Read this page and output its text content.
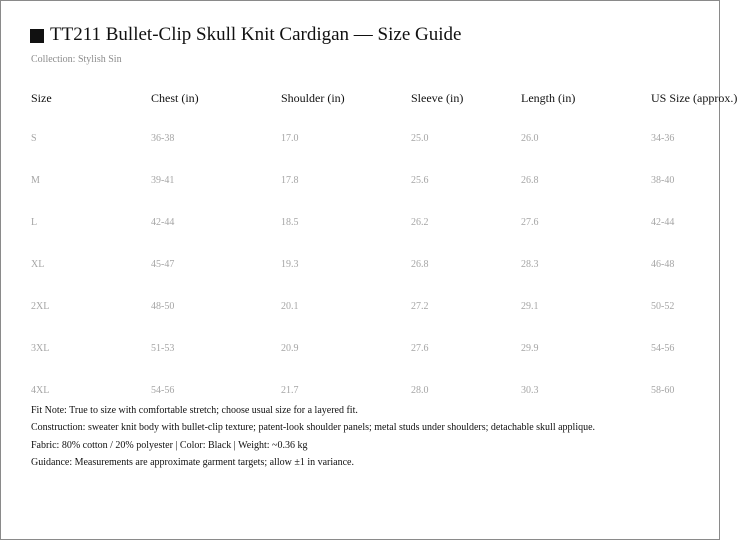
TT211 Bullet-Clip Skull Knit Cardigan — Size Guide
Collection: Stylish Sin
Size	Chest (in)	Shoulder (in)	Sleeve (in)	Length (in)	US Size (approx.)
S	36-38	17.0	25.0	26.0	34-36
M	39-41	17.8	25.6	26.8	38-40
L	42-44	18.5	26.2	27.6	42-44
XL	45-47	19.3	26.8	28.3	46-48
2XL	48-50	20.1	27.2	29.1	50-52
3XL	51-53	20.9	27.6	29.9	54-56
4XL	54-56	21.7	28.0	30.3	58-60
Fit Note: True to size with comfortable stretch; choose usual size for a layered fit.
Construction: sweater knit body with bullet-clip texture; patent-look shoulder panels; metal studs under shoulders; detachable skull applique.
Fabric: 80% cotton / 20% polyester | Color: Black | Weight: ~0.36 kg
Guidance: Measurements are approximate garment targets; allow ±1 in variance.
